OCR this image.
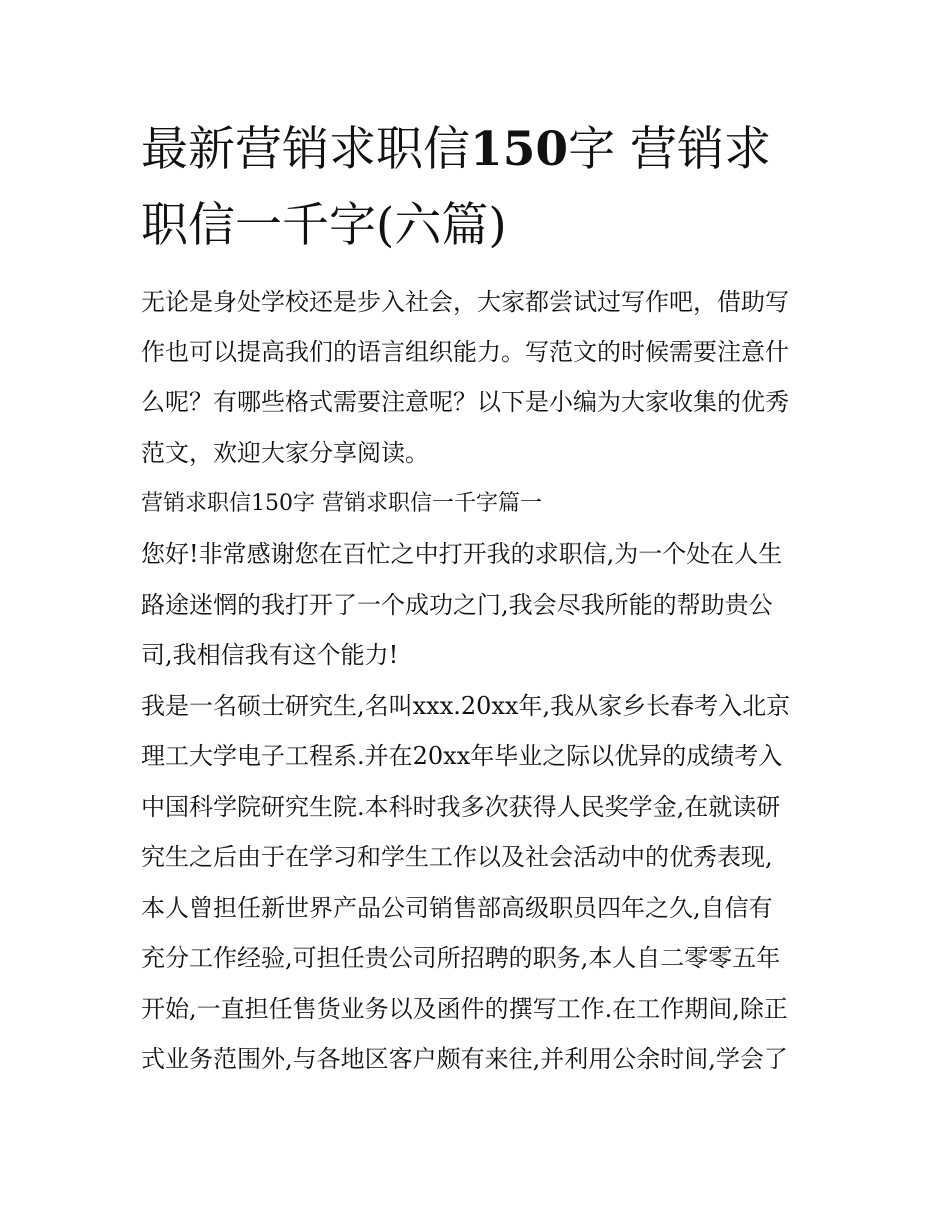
最新营销求职信150字 营销求
职信一千字(六篇)

无论是身处学校还是步入社会，大家都尝试过写作吧，借助写

作也可以提高我们的语言组织能力。写范文的时候需要注意什

么呢？有哪些格式需要注意呢？以下是小编为大家收集的优秀

范文，欢迎大家分享阅读。

营销求职信150字 营销求职信一千字篇一

您好!非常感谢您在百忙之中打开我的求职信,为一个处在人生

路途迷惘的我打开了一个成功之门,我会尽我所能的帮助贵公

司,我相信我有这个能力!

我是一名硕士研究生,名叫xxx.20xx年,我从家乡长春考入北京

理工大学电子工程系.并在20xx年毕业之际以优异的成绩考入

中国科学院研究生院.本科时我多次获得人民奖学金,在就读研

究生之后由于在学习和学生工作以及社会活动中的优秀表现,

本人曾担任新世界产品公司销售部高级职员四年之久,自信有

充分工作经验,可担任贵公司所招聘的职务,本人自二零零五年

开始,一直担任售货业务以及函件的撰写工作.在工作期间,除正

式业务范围外,与各地区客户颇有来往,并利用公余时间,学会了
